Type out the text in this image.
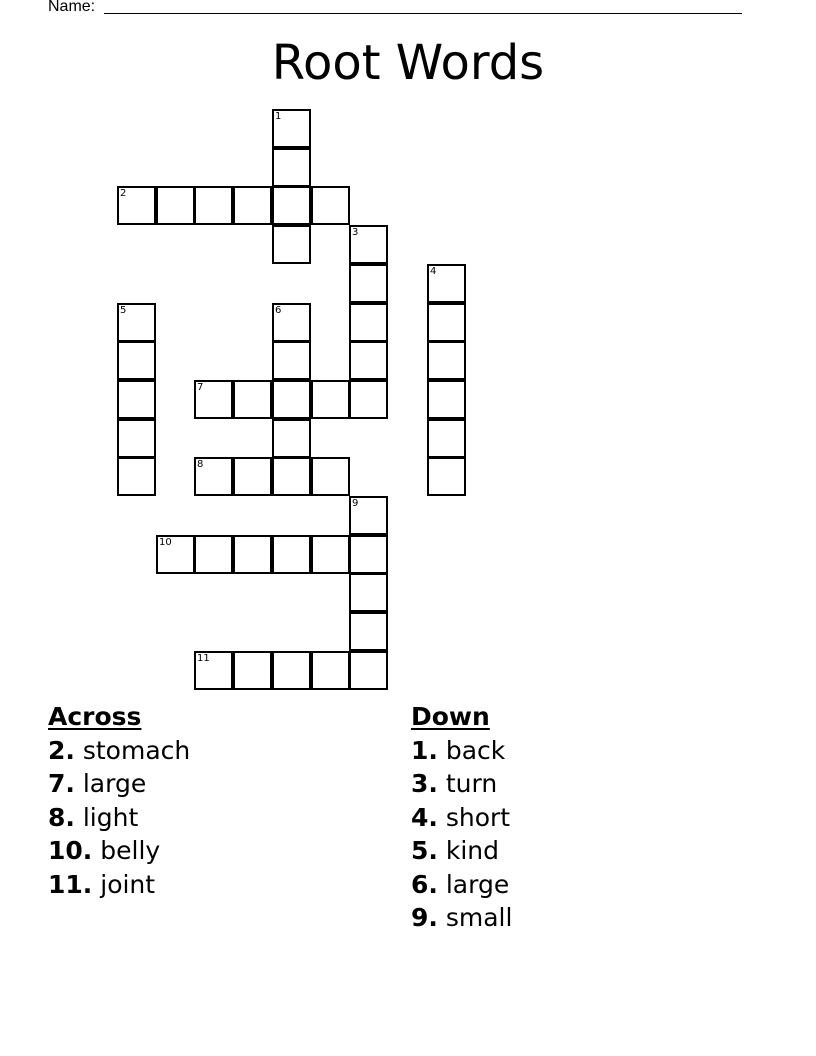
Name:
Root Words
1
2
3
4
5	6
7
8
9
10
11
Across
2. stomach
7. large
8. light
10. belly
11. joint
Down
1. back
3. turn
4. short
5. kind
6. large
9. small
